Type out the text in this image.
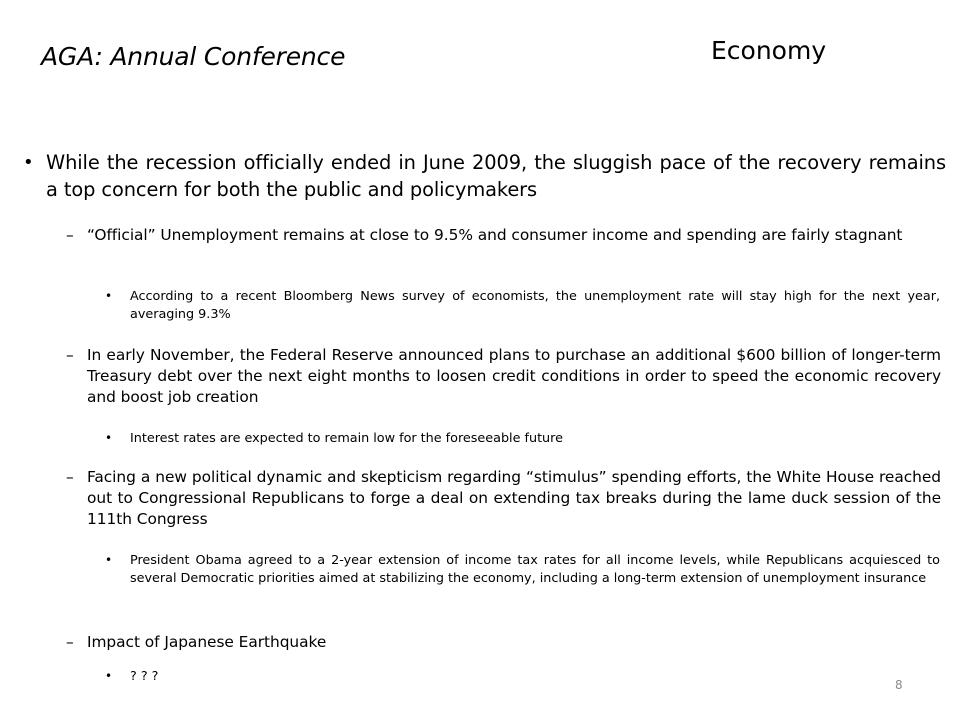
AGA: Annual Conference	Economy
• While the recession officially ended in June 2009, the sluggish pace of the recovery remains a top concern for both the public and policymakers
– “Official” Unemployment remains at close to 9.5% and consumer income and spending are fairly stagnant
• According to a recent Bloomberg News survey of economists, the unemployment rate will stay high for the next year, averaging 9.3%
– In early November, the Federal Reserve announced plans to purchase an additional $600 billion of longer-term Treasury debt over the next eight months to loosen credit conditions in order to speed the economic recovery and boost job creation
• Interest rates are expected to remain low for the foreseeable future
– Facing a new political dynamic and skepticism regarding “stimulus” spending efforts, the White House reached out to Congressional Republicans to forge a deal on extending tax breaks during the lame duck session of the 111th Congress
• President Obama agreed to a 2-year extension of income tax rates for all income levels, while Republicans acquiesced to several Democratic priorities aimed at stabilizing the economy, including a long-term extension of unemployment insurance
– Impact of Japanese Earthquake
• ? ? ?
8
